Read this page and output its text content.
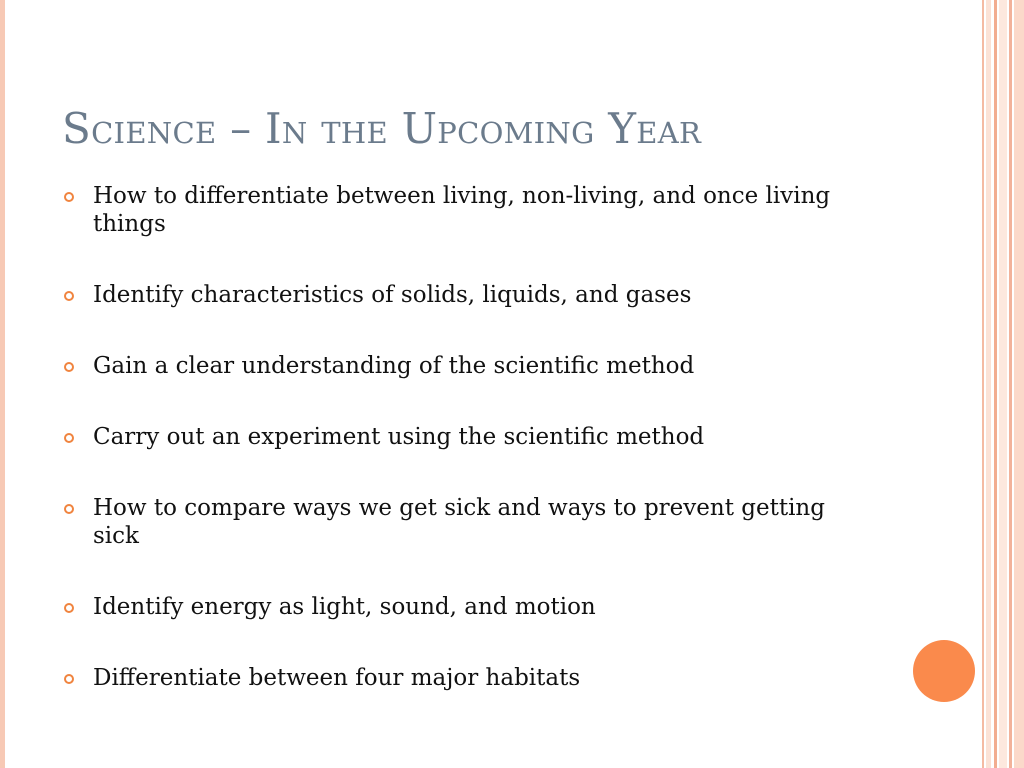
Science – In the Upcoming Year
How to differentiate between living, non-living, and once living things
Identify characteristics of solids, liquids, and gases
Gain a clear understanding of the scientific method
Carry out an experiment using the scientific method
How to compare ways we get sick and ways to prevent getting sick
Identify energy as light, sound, and motion
Differentiate between four major habitats
